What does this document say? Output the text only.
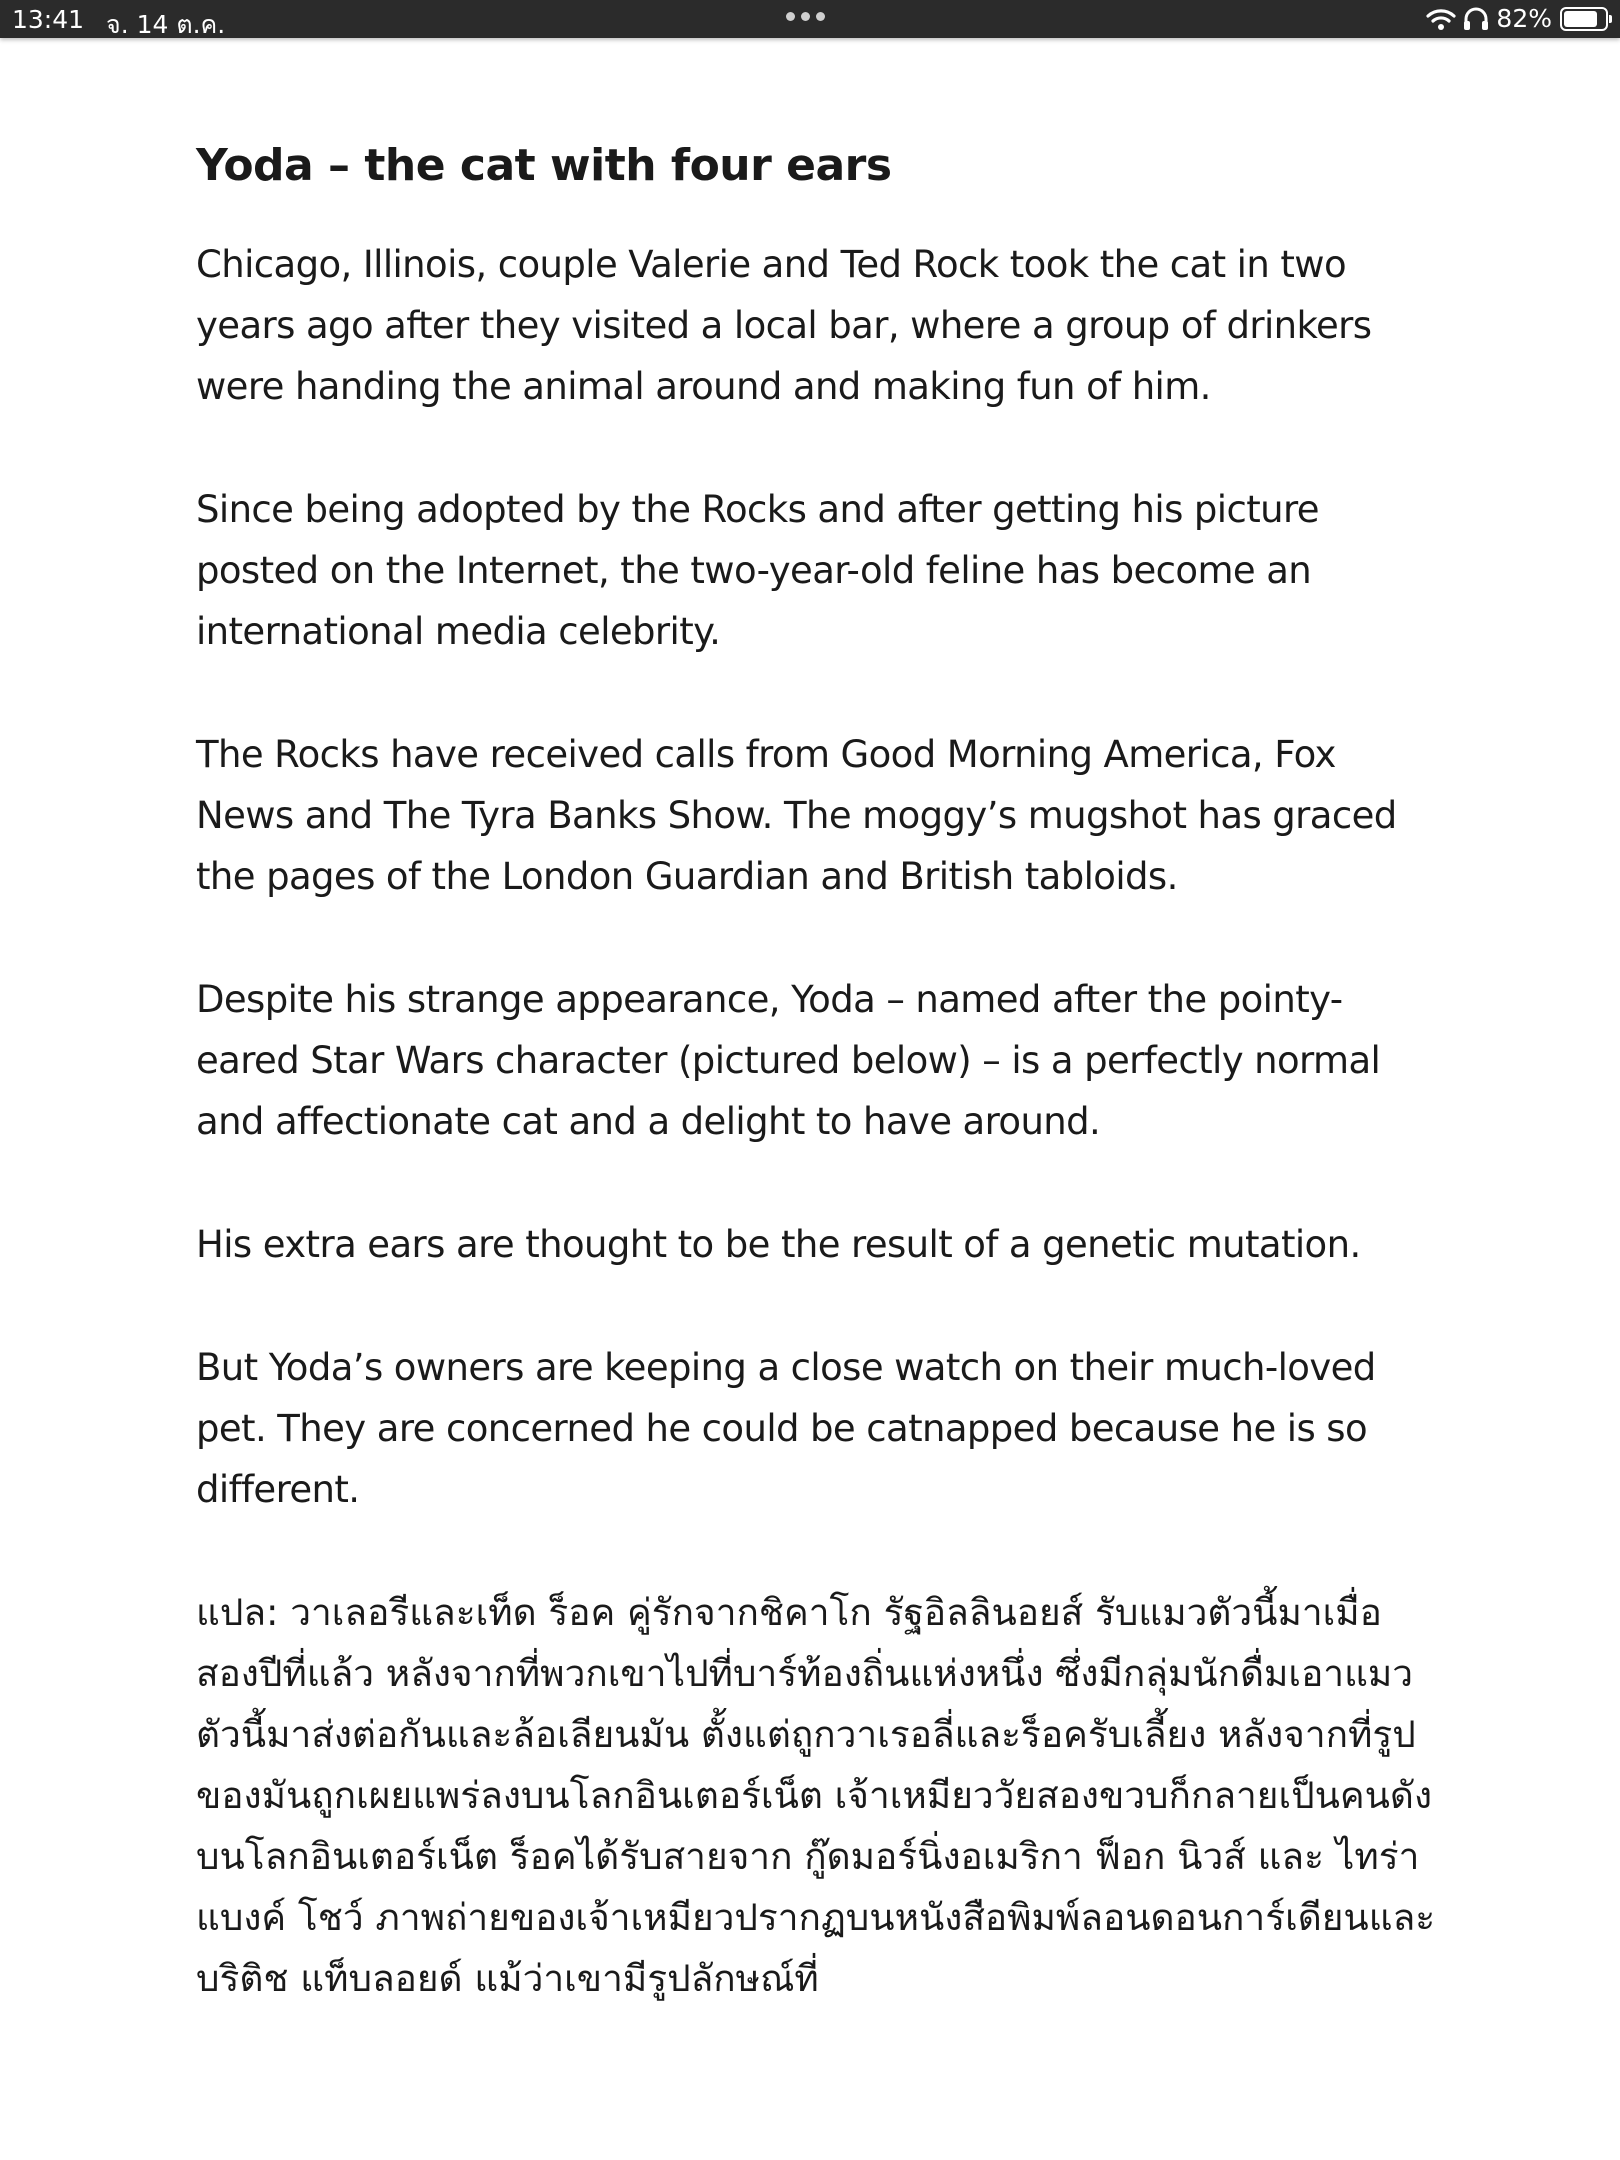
13:41 จ. 14 ต.ค.	82%
Yoda – the cat with four ears

Chicago, Illinois, couple Valerie and Ted Rock took the cat in two years ago after they visited a local bar, where a group of drinkers were handing the animal around and making fun of him.

Since being adopted by the Rocks and after getting his picture posted on the Internet, the two-year-old feline has become an international media celebrity.

The Rocks have received calls from Good Morning America, Fox News and The Tyra Banks Show. The moggy’s mugshot has graced the pages of the London Guardian and British tabloids.

Despite his strange appearance, Yoda – named after the pointy-eared Star Wars character (pictured below) – is a perfectly normal and affectionate cat and a delight to have around.

His extra ears are thought to be the result of a genetic mutation.

But Yoda’s owners are keeping a close watch on their much-loved pet. They are concerned he could be catnapped because he is so different.

แปล: วาเลอรีและเท็ด ร็อค คู่รักจากชิคาโก รัฐอิลลินอยส์ รับแมวตัวนี้มาเมื่อสองปีที่แล้ว หลังจากที่พวกเขาไปที่บาร์ท้องถิ่นแห่งหนึ่ง ซึ่งมีกลุ่มนักดื่มเอาแมวตัวนี้มาส่งต่อกันและล้อเลียนมัน ตั้งแต่ถูกวาเรอลี่และร็อครับเลี้ยง หลังจากที่รูปของมันถูกเผยแพร่ลงบนโลกอินเตอร์เน็ต เจ้าเหมียววัยสองขวบก็กลายเป็นคนดังบนโลกอินเตอร์เน็ต ร็อคได้รับสายจาก กู๊ดมอร์นิ่งอเมริกา ฟ็อก นิวส์ และ ไทร่า แบงค์ โชว์ ภาพถ่ายของเจ้าเหมียวปรากฏบนหนังสือพิมพ์ลอนดอนการ์เดียนและบริติช แท็บลอยด์ แม้ว่าเขามีรูปลักษณ์ที่
